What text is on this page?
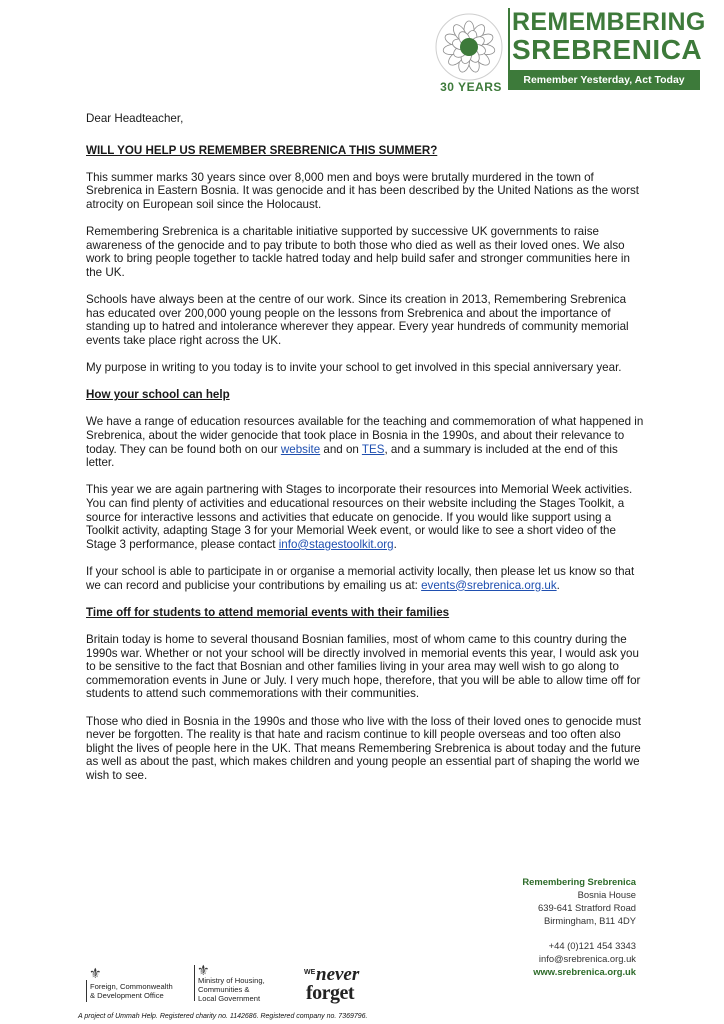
30 YEARS
REMEMBERING
SREBRENICA
Remember Yesterday, Act Today

Dear Headteacher,

WILL YOU HELP US REMEMBER SREBRENICA THIS SUMMER?

This summer marks 30 years since over 8,000 men and boys were brutally murdered in the town of Srebrenica in Eastern Bosnia. It was genocide and it has been described by the United Nations as the worst atrocity on European soil since the Holocaust.

Remembering Srebrenica is a charitable initiative supported by successive UK governments to raise awareness of the genocide and to pay tribute to both those who died as well as their loved ones. We also work to bring people together to tackle hatred today and help build safer and stronger communities here in the UK.

Schools have always been at the centre of our work. Since its creation in 2013, Remembering Srebrenica has educated over 200,000 young people on the lessons from Srebrenica and about the importance of standing up to hatred and intolerance wherever they appear. Every year hundreds of community memorial events take place right across the UK.

My purpose in writing to you today is to invite your school to get involved in this special anniversary year.

How your school can help

We have a range of education resources available for the teaching and commemoration of what happened in Srebrenica, about the wider genocide that took place in Bosnia in the 1990s, and about their relevance to today. They can be found both on our website and on TES, and a summary is included at the end of this letter.

This year we are again partnering with Stages to incorporate their resources into Memorial Week activities. You can find plenty of activities and educational resources on their website including the Stages Toolkit, a source for interactive lessons and activities that educate on genocide. If you would like support using a Toolkit activity, adapting Stage 3 for your Memorial Week event, or would like to see a short video of the Stage 3 performance, please contact info@stagestoolkit.org.

If your school is able to participate in or organise a memorial activity locally, then please let us know so that we can record and publicise your contributions by emailing us at: events@srebrenica.org.uk.

Time off for students to attend memorial events with their families

Britain today is home to several thousand Bosnian families, most of whom came to this country during the 1990s war. Whether or not your school will be directly involved in memorial events this year, I would ask you to be sensitive to the fact that Bosnian and other families living in your area may well wish to go along to commemoration events in June or July. I very much hope, therefore, that you will be able to allow time off for students to attend such commemorations with their communities.

Those who died in Bosnia in the 1990s and those who live with the loss of their loved ones to genocide must never be forgotten. The reality is that hate and racism continue to kill people overseas and too often also blight the lives of people here in the UK. That means Remembering Srebrenica is about today and the future as well as about the past, which makes children and young people an essential part of shaping the world we wish to see.

Remembering Srebrenica
Bosnia House
639-641 Stratford Road
Birmingham, B11 4DY
+44 (0)121 454 3343
info@srebrenica.org.uk
www.srebrenica.org.uk
⚜
Foreign, Commonwealth
& Development Office
⚜
Ministry of Housing,
Communities &
Local Government
WE never
forget
A project of Ummah Help. Registered charity no. 1142686. Registered company no. 7369796.
